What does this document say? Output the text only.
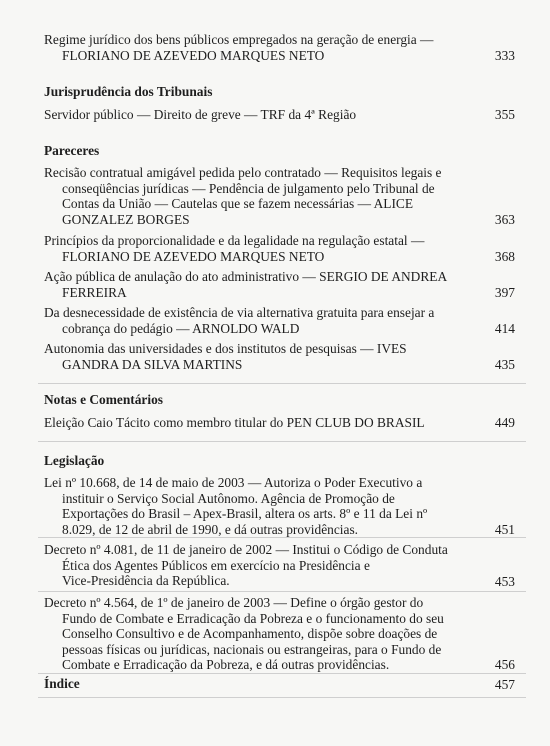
Regime jurídico dos bens públicos empregados na geração de energia —
FLORIANO DE AZEVEDO MARQUES NETO	333
Jurisprudência dos Tribunais
Servidor público — Direito de greve — TRF da 4ª Região	355
Pareceres
Recisão contratual amigável pedida pelo contratado — Requisitos legais e
conseqüências jurídicas — Pendência de julgamento pelo Tribunal de
Contas da União — Cautelas que se fazem necessárias — ALICE
GONZALEZ BORGES	363
Princípios da proporcionalidade e da legalidade na regulação estatal —
FLORIANO DE AZEVEDO MARQUES NETO	368
Ação pública de anulação do ato administrativo — SERGIO DE ANDREA
FERREIRA	397
Da desnecessidade de existência de via alternativa gratuita para ensejar a
cobrança do pedágio — ARNOLDO WALD	414
Autonomia das universidades e dos institutos de pesquisas — IVES
GANDRA DA SILVA MARTINS	435
Notas e Comentários
Eleição Caio Tácito como membro titular do PEN CLUB DO BRASIL	449
Legislação
Lei nº 10.668, de 14 de maio de 2003 — Autoriza o Poder Executivo a
instituir o Serviço Social Autônomo. Agência de Promoção de
Exportações do Brasil – Apex-Brasil, altera os arts. 8º e 11 da Lei nº
8.029, de 12 de abril de 1990, e dá outras providências.	451
Decreto nº 4.081, de 11 de janeiro de 2002 — Institui o Código de Conduta
Ética dos Agentes Públicos em exercício na Presidência e
Vice-Presidência da República.	453
Decreto nº 4.564, de 1º de janeiro de 2003 — Define o órgão gestor do
Fundo de Combate e Erradicação da Pobreza e o funcionamento do seu
Conselho Consultivo e de Acompanhamento, dispõe sobre doações de
pessoas físicas ou jurídicas, nacionais ou estrangeiras, para o Fundo de
Combate e Erradicação da Pobreza, e dá outras providências.	456
Índice	457
